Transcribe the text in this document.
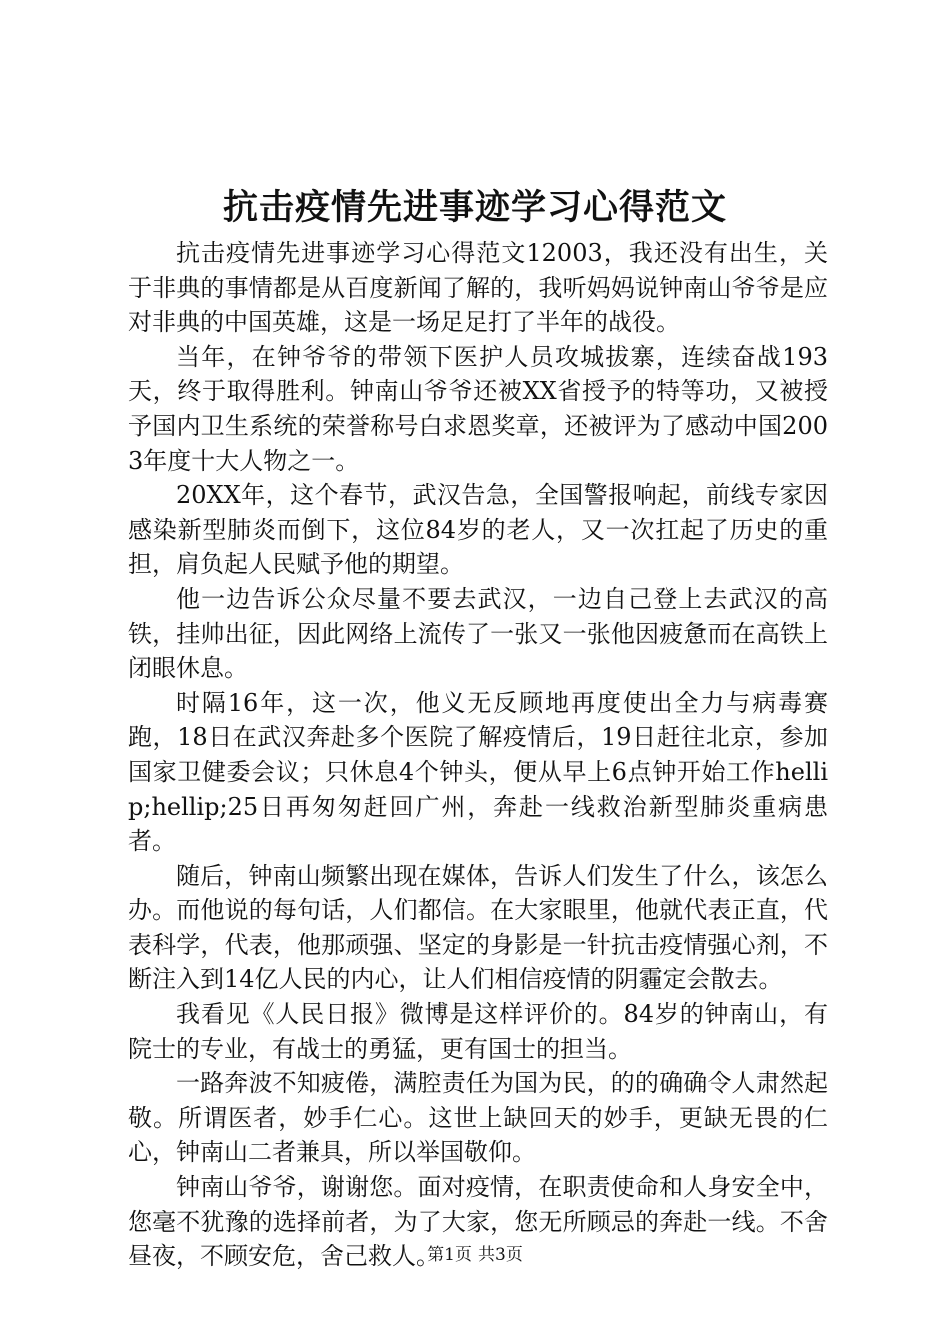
抗击疫情先进事迹学习心得范文

抗击疫情先进事迹学习心得范文12003，我还没有出生，关于非典的事情都是从百度新闻了解的，我听妈妈说钟南山爷爷是应对非典的中国英雄，这是一场足足打了半年的战役。

当年，在钟爷爷的带领下医护人员攻城拔寨，连续奋战193天，终于取得胜利。钟南山爷爷还被XX省授予的特等功，又被授予国内卫生系统的荣誉称号白求恩奖章，还被评为了感动中国2003年度十大人物之一。

20XX年，这个春节，武汉告急，全国警报响起，前线专家因感染新型肺炎而倒下，这位84岁的老人，又一次扛起了历史的重担，肩负起人民赋予他的期望。

他一边告诉公众尽量不要去武汉，一边自己登上去武汉的高铁，挂帅出征，因此网络上流传了一张又一张他因疲惫而在高铁上闭眼休息。

时隔16年，这一次，他义无反顾地再度使出全力与病毒赛跑，18日在武汉奔赴多个医院了解疫情后，19日赶往北京，参加国家卫健委会议；只休息4个钟头，便从早上6点钟开始工作hellip;hellip;25日再匆匆赶回广州，奔赴一线救治新型肺炎重病患者。

随后，钟南山频繁出现在媒体，告诉人们发生了什么，该怎么办。而他说的每句话，人们都信。在大家眼里，他就代表正直，代表科学，代表，他那顽强、坚定的身影是一针抗击疫情强心剂，不断注入到14亿人民的内心，让人们相信疫情的阴霾定会散去。

我看见《人民日报》微博是这样评价的。84岁的钟南山，有院士的专业，有战士的勇猛，更有国士的担当。

一路奔波不知疲倦，满腔责任为国为民，的的确确令人肃然起敬。所谓医者，妙手仁心。这世上缺回天的妙手，更缺无畏的仁心，钟南山二者兼具，所以举国敬仰。

钟南山爷爷，谢谢您。面对疫情，在职责使命和人身安全中，您毫不犹豫的选择前者，为了大家，您无所顾忌的奔赴一线。不舍昼夜，不顾安危，舍己救人。

第1页 共3页
